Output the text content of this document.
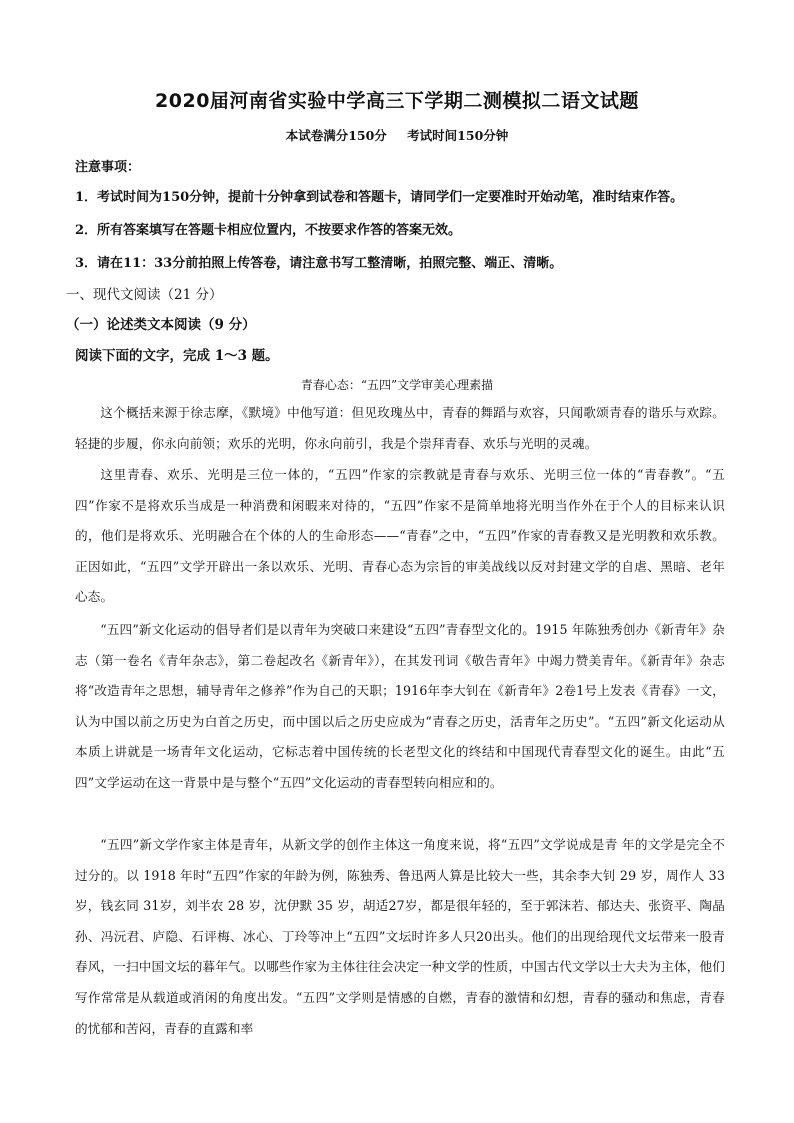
2020届河南省实验中学高三下学期二测模拟二语文试题
本试卷满分150分 考试时间150分钟
注意事项：
1．考试时间为150分钟，提前十分钟拿到试卷和答题卡，请同学们一定要准时开始动笔，准时结束作答。
2．所有答案填写在答题卡相应位置内，不按要求作答的答案无效。
3．请在11：33分前拍照上传答卷，请注意书写工整清晰，拍照完整、端正、清晰。
一、现代文阅读（21 分）
（一）论述类文本阅读（9 分）
阅读下面的文字，完成 1～3 题。
青春心态：“五四”文学审美心理素描
这个概括来源于徐志摩，《默境》中他写道：但见玫瑰丛中，青春的舞蹈与欢容，只闻歌颂青春的谐乐与欢踪。轻捷的步履，你永向前领；欢乐的光明，你永向前引，我是个崇拜青春、欢乐与光明的灵魂。
这里青春、欢乐、光明是三位一体的，“五四”作家的宗教就是青春与欢乐、光明三位一体的“青春教”。“五四”作家不是将欢乐当成是一种消费和闲暇来对待的，“五四”作家不是简单地将光明当作外在于个人的目标来认识的，他们是将欢乐、光明融合在个体的人的生命形态——“青春”之中，“五四”作家的青春教又是光明教和欢乐教。正因如此，“五四”文学开辟出一条以欢乐、光明、青春心态为宗旨的审美战线以反对封建文学的自虐、黑暗、老年心态。
“五四”新文化运动的倡导者们是以青年为突破口来建设“五四”青春型文化的。1915 年陈独秀创办《新青年》杂志（第一卷名《青年杂志》，第二卷起改名《新青年》），在其发刊词《敬告青年》中竭力赞美青年。《新青年》杂志将“改造青年之思想，辅导青年之修养”作为自己的天职；1916年李大钊在《新青年》2卷1号上发表《青春》一文，认为中国以前之历史为白首之历史，而中国以后之历史应成为“青春之历史，活青年之历史”。“五四”新文化运动从本质上讲就是一场青年文化运动，它标志着中国传统的长老型文化的终结和中国现代青春型文化的诞生。由此“五四”文学运动在这一背景中是与整个“五四”文化运动的青春型转向相应和的。
“五四”新文学作家主体是青年，从新文学的创作主体这一角度来说，将“五四”文学说成是青 年的文学是完全不过分的。以 1918 年时“五四”作家的年龄为例，陈独秀、鲁迅两人算是比较大一些，其余李大钊 29 岁，周作人 33 岁，钱玄同 31岁，刘半农 28 岁，沈伊默 35 岁，胡适27岁，都是很年轻的，至于郭沫若、郁达夫、张资平、陶晶孙、冯沅君、庐隐、石评梅、冰心、丁玲等冲上“五四”文坛时许多人只20出头。他们的出现给现代文坛带来一股青春风，一扫中国文坛的暮年气。以哪些作家为主体往往会决定一种文学的性质，中国古代文学以士大夫为主体，他们写作常常是从载道或消闲的角度出发。“五四”文学则是情感的自燃，青春的激情和幻想，青春的骚动和焦虑，青春的忧郁和苦闷，青春的直露和率
